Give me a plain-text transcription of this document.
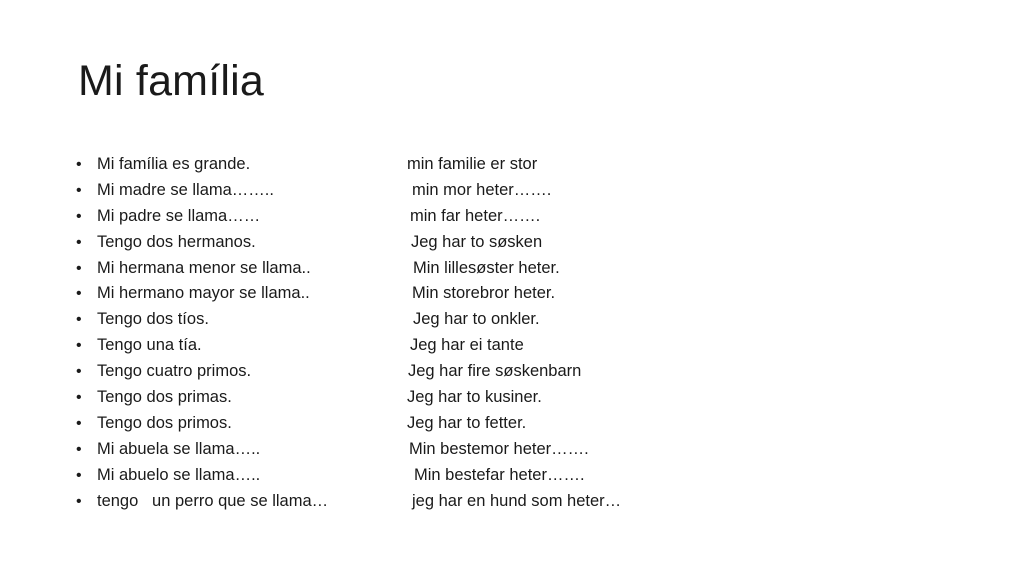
Mi família
• Mi família es grande.	min familie er stor
• Mi madre se llama……..	min mor heter…….
• Mi padre se llama……	min far heter…….
• Tengo dos hermanos.	Jeg har to søsken
• Mi hermana menor se llama..	Min lillesøster heter.
• Mi hermano mayor se llama..	Min storebror heter.
• Tengo dos tíos.	Jeg har to onkler.
• Tengo una tía.	Jeg har ei tante
• Tengo cuatro primos.	Jeg har fire søskenbarn
• Tengo dos primas.	Jeg har to kusiner.
• Tengo dos primos.	Jeg har to fetter.
• Mi abuela se llama…..	Min bestemor heter…….
• Mi abuelo se llama…..	Min bestefar heter…….
• tengo   un perro que se llama…	jeg har en hund som heter…
